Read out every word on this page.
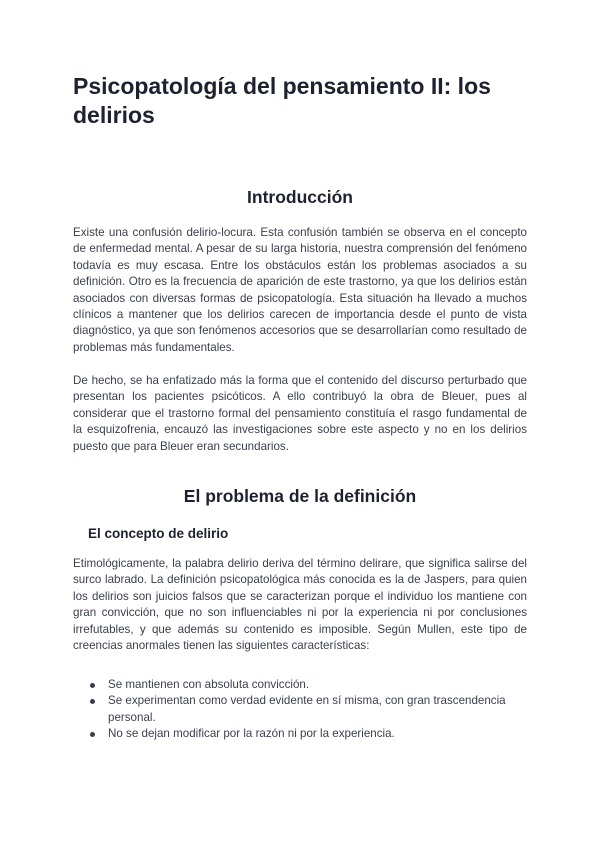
Psicopatología del pensamiento II: los delirios
Introducción

Existe una confusión delirio-locura. Esta confusión también se observa en el concepto de enfermedad mental. A pesar de su larga historia, nuestra comprensión del fenómeno todavía es muy escasa. Entre los obstáculos están los problemas asociados a su definición. Otro es la frecuencia de aparición de este trastorno, ya que los delirios están asociados con diversas formas de psicopatología. Esta situación ha llevado a muchos clínicos a mantener que los delirios carecen de importancia desde el punto de vista diagnóstico, ya que son fenómenos accesorios que se desarrollarían como resultado de problemas más fundamentales.

De hecho, se ha enfatizado más la forma que el contenido del discurso perturbado que presentan los pacientes psicóticos. A ello contribuyó la obra de Bleuer, pues al considerar que el trastorno formal del pensamiento constituía el rasgo fundamental de la esquizofrenia, encauzó las investigaciones sobre este aspecto y no en los delirios puesto que para Bleuer eran secundarios.

El problema de la definición
El concepto de delirio

Etimológicamente, la palabra delirio deriva del término delirare, que significa salirse del surco labrado. La definición psicopatológica más conocida es la de Jaspers, para quien los delirios son juicios falsos que se caracterizan porque el individuo los mantiene con gran convicción, que no son influenciables ni por la experiencia ni por conclusiones irrefutables, y que además su contenido es imposible. Según Mullen, este tipo de creencias anormales tienen las siguientes características:

Se mantienen con absoluta convicción.
Se experimentan como verdad evidente en sí misma, con gran trascendencia personal.
No se dejan modificar por la razón ni por la experiencia.
